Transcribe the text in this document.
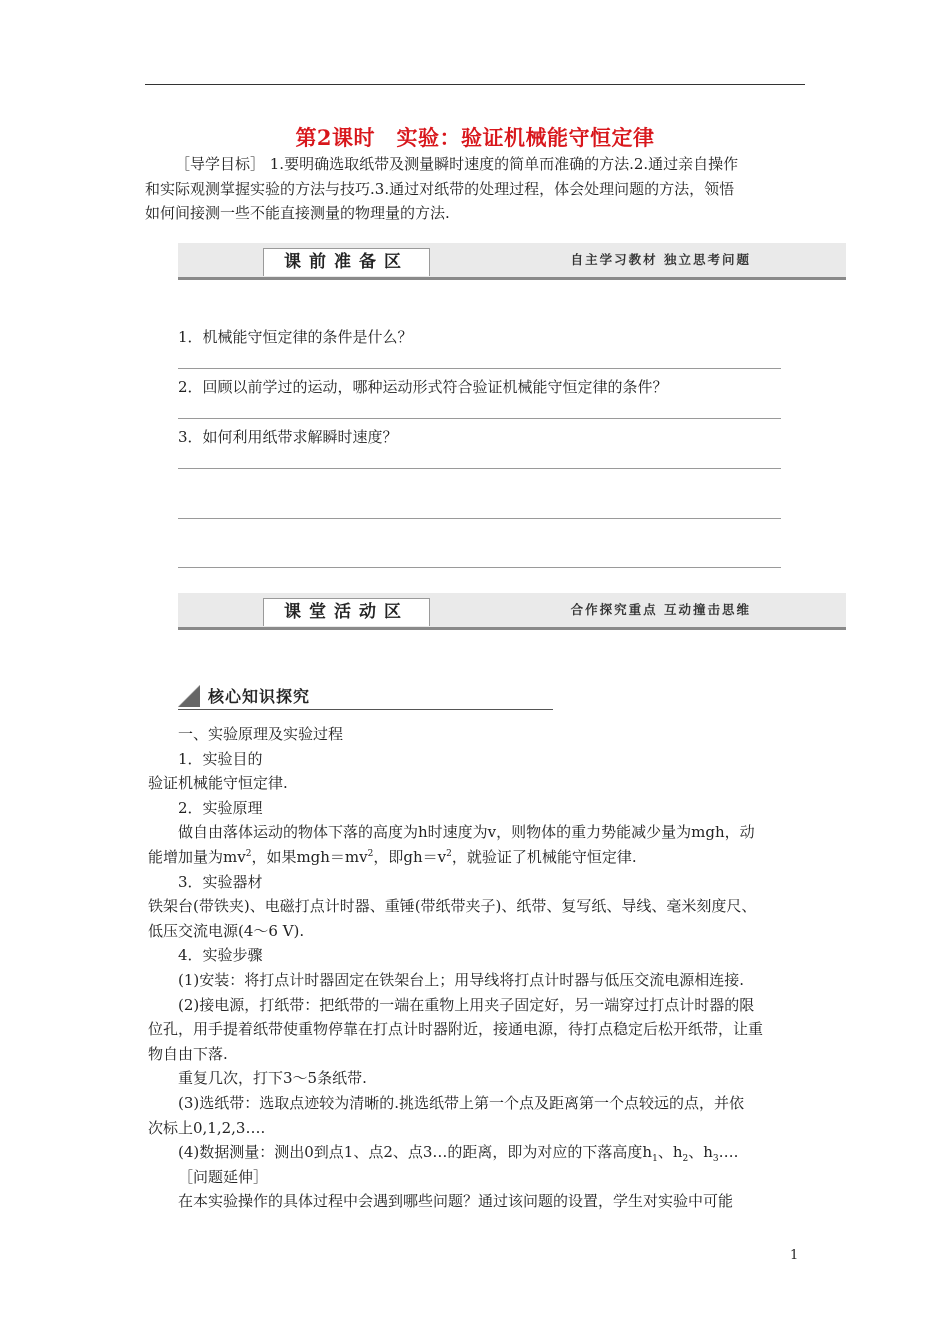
第2课时　实验：验证机械能守恒定律
［导学目标］ 1.要明确选取纸带及测量瞬时速度的简单而准确的方法.2.通过亲自操作
和实际观测掌握实验的方法与技巧.3.通过对纸带的处理过程，体会处理问题的方法，领悟
如何间接测一些不能直接测量的物理量的方法.
课前准备区	自主学习教材 独立思考问题
1．机械能守恒定律的条件是什么？
2．回顾以前学过的运动，哪种运动形式符合验证机械能守恒定律的条件？
3．如何利用纸带求解瞬时速度？
课堂活动区	合作探究重点 互动撞击思维
核心知识探究
一、实验原理及实验过程
1．实验目的
验证机械能守恒定律.
2．实验原理
做自由落体运动的物体下落的高度为h时速度为v，则物体的重力势能减少量为mgh，动
能增加量为$mv^2$，如果$mgh=mv^2$，即$gh=v^2$，就验证了机械能守恒定律.
3．实验器材
铁架台(带铁夹)、电磁打点计时器、重锤(带纸带夹子)、纸带、复写纸、导线、毫米刻度尺、
低压交流电源(4～6 V).
4．实验步骤
(1)安装：将打点计时器固定在铁架台上；用导线将打点计时器与低压交流电源相连接.
(2)接电源，打纸带：把纸带的一端在重物上用夹子固定好，另一端穿过打点计时器的限
位孔，用手提着纸带使重物停靠在打点计时器附近，接通电源，待打点稳定后松开纸带，让重
物自由下落.
重复几次，打下3～5条纸带.
(3)选纸带：选取点迹较为清晰的.挑选纸带上第一个点及距离第一个点较远的点，并依
次标上0,1,2,3….
(4)数据测量：测出0到点1、点2、点3…的距离，即为对应的下落高度$h_1$、$h_2$、$h_3\dots$.
［问题延伸］
在本实验操作的具体过程中会遇到哪些问题？通过该问题的设置，学生对实验中可能
1
